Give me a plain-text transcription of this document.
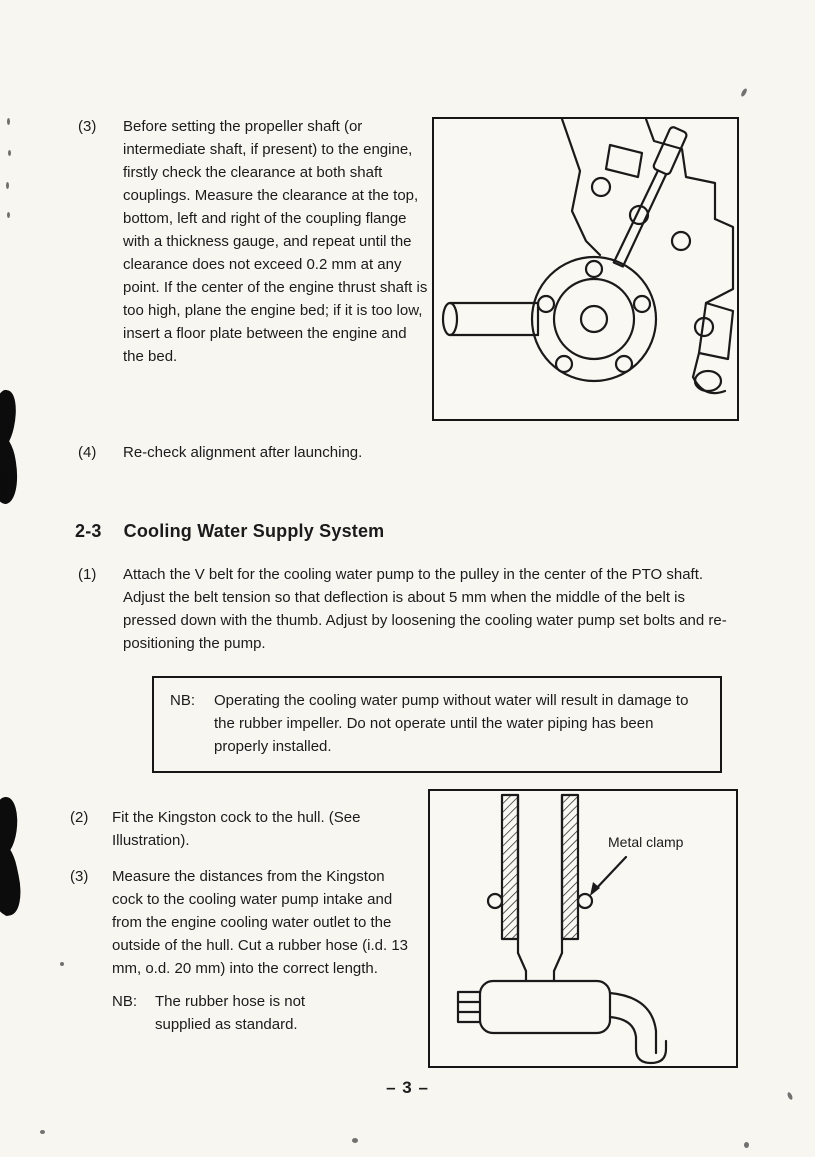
(3)	Before setting the propeller shaft (or intermediate shaft, if present) to the engine, firstly check the clearance at both shaft couplings. Measure the clearance at the top, bottom, left and right of the coupling flange with a thickness gauge, and repeat until the clearance does not exceed 0.2 mm at any point. If the center of the engine thrust shaft is too high, plane the engine bed; if it is too low, insert a floor plate between the engine and the bed.
(4)	Re-check alignment after launching.
2-3 Cooling Water Supply System
(1)	Attach the V belt for the cooling water pump to the pulley in the center of the PTO shaft. Adjust the belt tension so that deflection is about 5 mm when the middle of the belt is pressed down with the thumb. Adjust by loosening the cooling water pump set bolts and re-positioning the pump.
NB:	Operating the cooling water pump without water will result in damage to the rubber impeller. Do not operate until the water piping has been properly installed.
(2)	Fit the Kingston cock to the hull. (See Illustration).
(3)	Measure the distances from the Kingston cock to the cooling water pump intake and from the engine cooling water outlet to the outside of the hull. Cut a rubber hose (i.d. 13 mm, o.d. 20 mm) into the correct length.
NB:	The rubber hose is not supplied as standard.
Metal clamp
– 3 –
